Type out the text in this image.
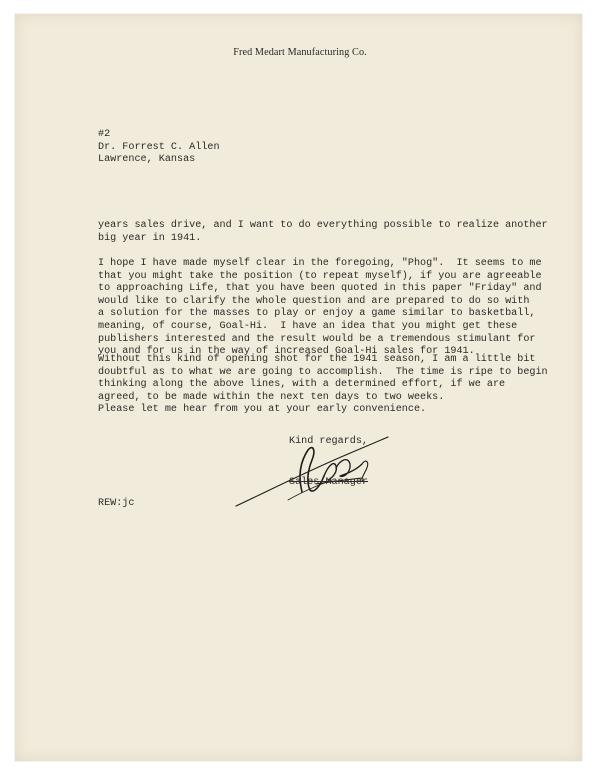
Fred Medart Manufacturing Co.
#2
Dr. Forrest C. Allen
Lawrence, Kansas
years sales drive, and I want to do everything possible to realize another
big year in 1941.
I hope I have made myself clear in the foregoing, "Phog".  It seems to me
that you might take the position (to repeat myself), if you are agreeable
to approaching Life, that you have been quoted in this paper "Friday" and
would like to clarify the whole question and are prepared to do so with
a solution for the masses to play or enjoy a game similar to basketball,
meaning, of course, Goal-Hi.  I have an idea that you might get these
publishers interested and the result would be a tremendous stimulant for
you and for us in the way of increased Goal-Hi sales for 1941.
Without this kind of opening shot for the 1941 season, I am a little bit
doubtful as to what we are going to accomplish.  The time is ripe to begin
thinking along the above lines, with a determined effort, if we are
agreed, to be made within the next ten days to two weeks.
Please let me hear from you at your early convenience.
Kind regards,
Sales Manager
REW:jc
